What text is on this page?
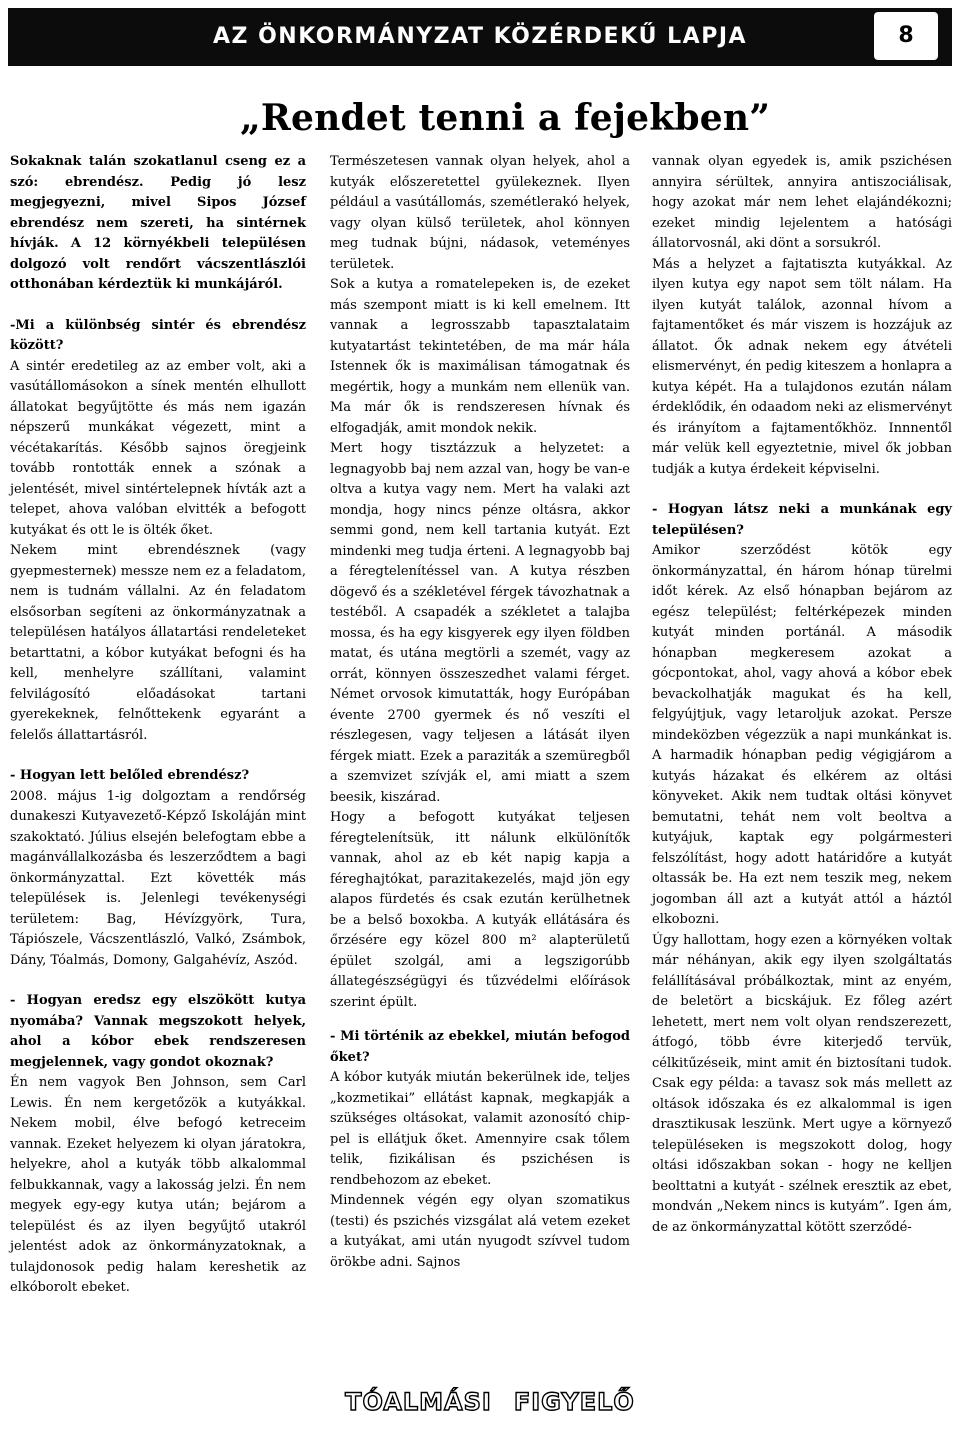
AZ ÖNKORMÁNYZAT KÖZÉRDEKŰ LAPJA	8
„Rendet tenni a fejekben”

Sokaknak talán szokatlanul cseng ez a szó: ebrendész. Pedig jó lesz megjegyezni, mivel Sipos József ebrendész nem szereti, ha sintérnek hívják. A 12 környékbeli településen dolgozó volt rendőrt vácszentlászlói otthonában kérdeztük ki munkájáról.

-Mi a különbség sintér és ebrendész között?

A sintér eredetileg az az ember volt, aki a vasútállomásokon a sínek mentén elhullott állatokat begyűjtötte és más nem igazán népszerű munkákat végezett, mint a vécétakarítás. Később sajnos öregjeink tovább rontották ennek a szónak a jelentését, mivel sintértelepnek hívták azt a telepet, ahova valóban elvitték a befogott kutyákat és ott le is ölték őket.

Nekem mint ebrendésznek (vagy gyepmesternek) messze nem ez a feladatom, nem is tudnám vállalni. Az én feladatom elsősorban segíteni az önkormányzatnak a településen hatályos állatartási rendeleteket betarttatni, a kóbor kutyákat befogni és ha kell, menhelyre szállítani, valamint felvilágosító előadásokat tartani gyerekeknek, felnőttekenk egyaránt a felelős állattartásról.

- Hogyan lett belőled ebrendész?

2008. május 1-ig dolgoztam a rendőrség dunakeszi Kutyavezető-Képző Iskoláján mint szakoktató. Július elsején belefogtam ebbe a magánvállalkozásba és leszerződtem a bagi önkormányzattal. Ezt követték más települések is. Jelenlegi tevékenységi területem: Bag, Hévízgyörk, Tura, Tápiószele, Vácszentlászló, Valkó, Zsámbok, Dány, Tóalmás, Domony, Galgahévíz, Aszód.

- Hogyan eredsz egy elszökött kutya nyomába? Vannak megszokott helyek, ahol a kóbor ebek rendszeresen megjelennek, vagy gondot okoznak?

Én nem vagyok Ben Johnson, sem Carl Lewis. Én nem kergetőzök a kutyákkal. Nekem mobil, élve befogó ketreceim vannak. Ezeket helyezem ki olyan járatokra, helyekre, ahol a kutyák több alkalommal felbukkannak, vagy a lakosság jelzi. Én nem megyek egy-egy kutya után; bejárom a települést és az ilyen begyűjtő utakról jelentést adok az önkormányzatoknak, a tulajdonosok pedig halam kereshetik az elkóborolt ebeket.

Természetesen vannak olyan helyek, ahol a kutyák előszeretettel gyülekeznek. Ilyen például a vasútállomás, szemétlerakó helyek, vagy olyan külső területek, ahol könnyen meg tudnak bújni, nádasok, veteményes területek.

Sok a kutya a romatelepeken is, de ezeket más szempont miatt is ki kell emelnem. Itt vannak a legrosszabb tapasztalataim kutyatartást tekintetében, de ma már hála Istennek ők is maximálisan támogatnak és megértik, hogy a munkám nem ellenük van. Ma már ők is rendszeresen hívnak és elfogadják, amit mondok nekik.

Mert hogy tisztázzuk a helyzetet: a legnagyobb baj nem azzal van, hogy be van-e oltva a kutya vagy nem. Mert ha valaki azt mondja, hogy nincs pénze oltásra, akkor semmi gond, nem kell tartania kutyát. Ezt mindenki meg tudja érteni. A legnagyobb baj a féregtelenítéssel van. A kutya részben dögevő és a székletével férgek távozhatnak a testéből. A csapadék a székletet a talajba mossa, és ha egy kisgyerek egy ilyen földben matat, és utána megtörli a szemét, vagy az orrát, könnyen összeszedhet valami férget. Német orvosok kimutatták, hogy Európában évente 2700 gyermek és nő veszíti el részlegesen, vagy teljesen a látását ilyen férgek miatt. Ezek a paraziták a szemüregből a szemvizet szívják el, ami miatt a szem beesik, kiszárad.

Hogy a befogott kutyákat teljesen féregtelenítsük, itt nálunk elkülönítők vannak, ahol az eb két napig kapja a féreghajtókat, parazitakezelés, majd jön egy alapos fürdetés és csak ezután kerülhetnek be a belső boxokba. A kutyák ellátására és őrzésére egy közel 800 m² alapterületű épület szolgál, ami a legszigorúbb állategészségügyi és tűzvédelmi előírások szerint épült.

- Mi történik az ebekkel, miután befogod őket?

A kóbor kutyák miután bekerülnek ide, teljes „kozmetikai” ellátást kapnak, megkapják a szükséges oltásokat, valamit azonosító chip-pel is ellátjuk őket. Amennyire csak tőlem telik, fizikálisan és pszichésen is rendbehozom az ebeket.

Mindennek végén egy olyan szomatikus (testi) és pszichés vizsgálat alá vetem ezeket a kutyákat, ami után nyugodt szívvel tudom örökbe adni. Sajnos

vannak olyan egyedek is, amik pszichésen annyira sérültek, annyira antiszociálisak, hogy azokat már nem lehet elajándékozni; ezeket mindig lejelentem a hatósági állatorvosnál, aki dönt a sorsukról.

Más a helyzet a fajtatiszta kutyákkal. Az ilyen kutya egy napot sem tölt nálam. Ha ilyen kutyát találok, azonnal hívom a fajtamentőket és már viszem is hozzájuk az állatot. Ők adnak nekem egy átvételi elismervényt, én pedig kiteszem a honlapra a kutya képét. Ha a tulajdonos ezután nálam érdeklődik, én odaadom neki az elismervényt és irányítom a fajtamentőkhöz. Innnentől már velük kell egyeztetnie, mivel ők jobban tudják a kutya érdekeit képviselni.

- Hogyan látsz neki a munkának egy településen?

Amikor szerződést kötök egy önkormányzattal, én három hónap türelmi időt kérek. Az első hónapban bejárom az egész települést; feltérképezek minden kutyát minden portánál. A második hónapban megkeresem azokat a gócpontokat, ahol, vagy ahová a kóbor ebek bevackolhatják magukat és ha kell, felgyújtjuk, vagy letaroljuk azokat. Persze mindeközben végezzük a napi munkánkat is. A harmadik hónapban pedig végigjárom a kutyás házakat és elkérem az oltási könyveket. Akik nem tudtak oltási könyvet bemutatni, tehát nem volt beoltva a kutyájuk, kaptak egy polgármesteri felszólítást, hogy adott határidőre a kutyát oltassák be. Ha ezt nem teszik meg, nekem jogomban áll azt a kutyát attól a háztól elkobozni.

Úgy hallottam, hogy ezen a környéken voltak már néhányan, akik egy ilyen szolgáltatás felállításával próbálkoztak, mint az enyém, de beletört a bicskájuk. Ez főleg azért lehetett, mert nem volt olyan rendszerezett, átfogó, több évre kiterjedő tervük, célkitűzéseik, mint amit én biztosítani tudok. Csak egy példa: a tavasz sok más mellett az oltások időszaka és ez alkalommal is igen drasztikusak leszünk. Mert ugye a környező településeken is megszokott dolog, hogy oltási időszakban sokan - hogy ne kelljen beolttatni a kutyát - szélnek eresztik az ebet, mondván „Nekem nincs is kutyám”. Igen ám, de az önkormányzattal kötött szerződé-

TÓALMÁSI FIGYELŐ
